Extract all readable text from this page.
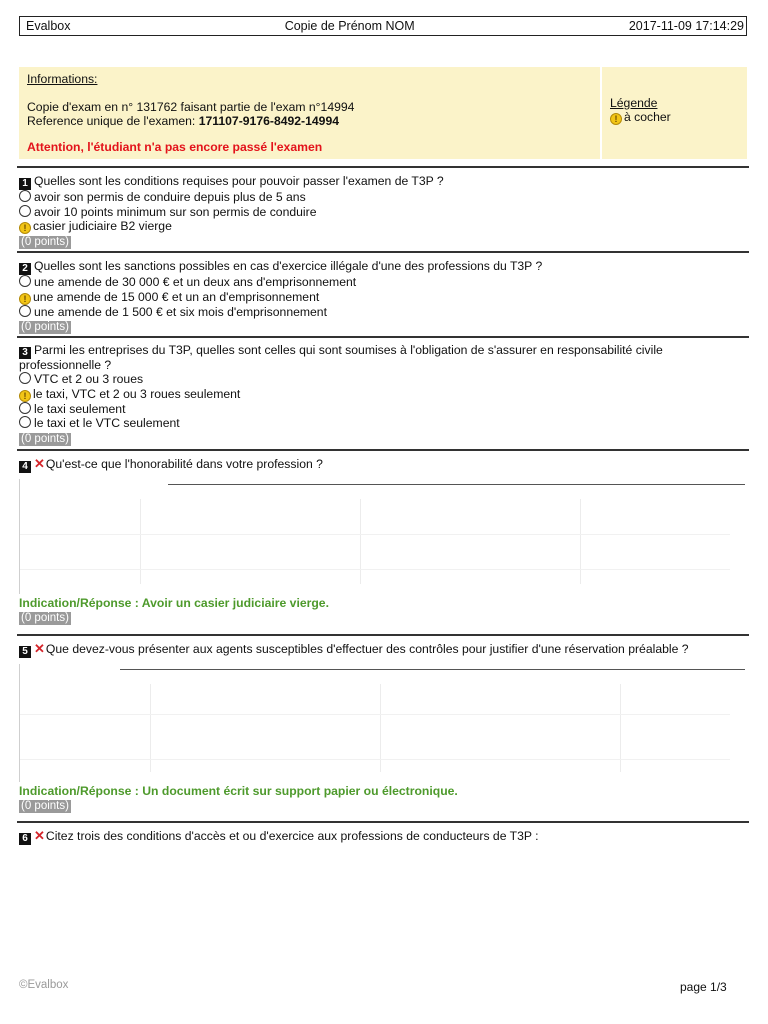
Evalbox	Copie de Prénom NOM	2017-11-09 17:14:29

Informations:

Copie d'exam en n° 131762 faisant partie de l'exam n°14994

Reference unique de l'examen: 171107-9176-8492-14994

Attention, l'étudiant n'a pas encore passé l'examen

Légende

! à cocher

1 Quelles sont les conditions requises pour pouvoir passer l'examen de T3P ?
avoir son permis de conduire depuis plus de 5 ans
avoir 10 points minimum sur son permis de conduire
! casier judiciaire B2 vierge
(0 points)
2 Quelles sont les sanctions possibles en cas d'exercice illégale d'une des professions du T3P ?
une amende de 30 000 € et un deux ans d'emprisonnement
! une amende de 15 000 € et un an d'emprisonnement
une amende de 1 500 € et six mois d'emprisonnement
(0 points)
3 Parmi les entreprises du T3P, quelles sont celles qui sont soumises à l'obligation de s'assurer en responsabilité civile
professionnelle ?
VTC et 2 ou 3 roues
! le taxi, VTC et 2 ou 3 roues seulement
le taxi seulement
le taxi et le VTC seulement
(0 points)
4 ✕Qu'est-ce que l'honorabilité dans votre profession ?
Indication/Réponse : Avoir un casier judiciaire vierge.
(0 points)
5 ✕Que devez-vous présenter aux agents susceptibles d'effectuer des contrôles pour justifier d'une réservation préalable ?
Indication/Réponse : Un document écrit sur support papier ou électronique.
(0 points)
6 ✕Citez trois des conditions d'accès et ou d'exercice aux professions de conducteurs de T3P :
©Evalbox	page 1/3
